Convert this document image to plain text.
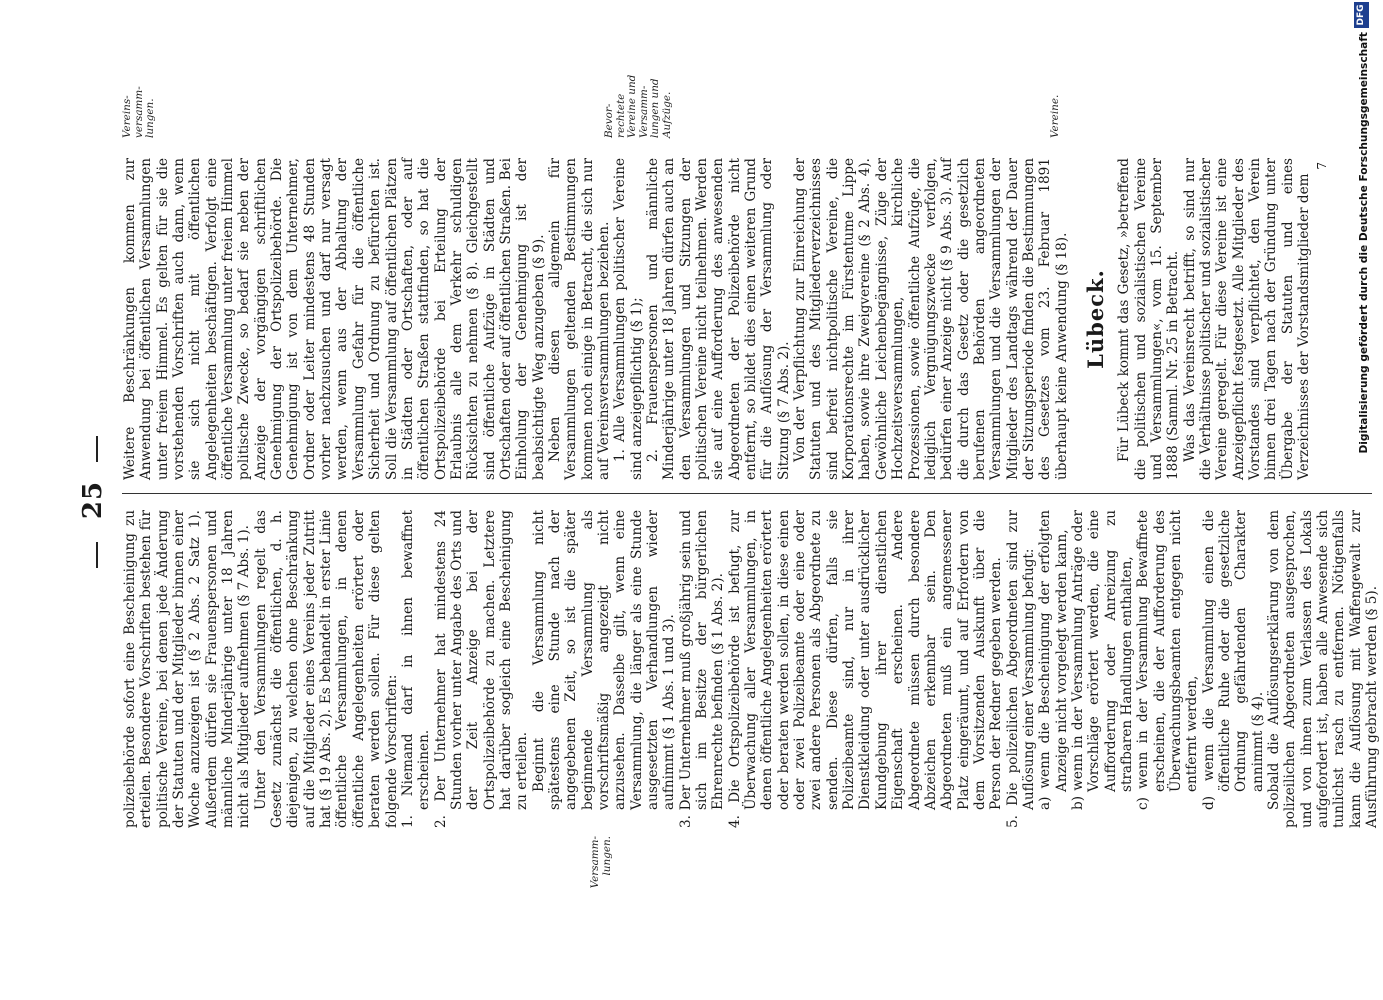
25
Versamm-lungen.

polizeibehörde sofort eine Bescheinigung zu erteilen. Besondere Vorschriften bestehen für politische Vereine, bei denen jede Änderung der Statuten und der Mitglieder binnen einer Woche anzuzeigen ist (§ 2 Abs. 2 Satz 1). Außerdem dürfen sie Frauenspersonen und männliche Minderjährige unter 18 Jahren nicht als Mitglieder aufnehmen (§ 7 Abs. 1). Unter den Versammlungen regelt das Gesetz zunächst die öffentlichen, d. h. diejenigen, zu welchen ohne Beschränkung auf die Mitglieder eines Vereins jeder Zutritt hat (§ 19 Abs. 2). Es behandelt in erster Linie öffentliche Versammlungen, in denen öffentliche Angelegenheiten erörtert oder beraten werden sollen. Für diese gelten folgende Vorschriften: 1. Niemand darf in ihnen bewaffnet erscheinen. 2. Der Unternehmer hat mindestens 24 Stunden vorher unter Angabe des Orts und der Zeit Anzeige bei der Ortspolizeibehörde zu machen. Letztere hat darüber sogleich eine Bescheinigung zu erteilen. Beginnt die Versammlung nicht spätestens eine Stunde nach der angegebenen Zeit, so ist die später beginnende Versammlung als vorschriftsmäßig angezeigt nicht anzusehen. Dasselbe gilt, wenn eine Versammlung, die länger als eine Stunde ausgesetzten Verhandlungen wieder aufnimmt (§ 1 Abs. 1 und 3). 3. Der Unternehmer muß großjährig sein und sich im Besitze der bürgerlichen Ehrenrechte befinden (§ 1 Abs. 2). 4. Die Ortspolizeibehörde ist befugt, zur Überwachung aller Versammlungen, in denen öffentliche Angelegenheiten erörtert oder beraten werden sollen, in diese einen oder zwei Polizeibeamte oder eine oder zwei andere Personen als Abgeordnete zu senden. Diese dürfen, falls sie Polizeibeamte sind, nur in ihrer Dienstkleidung oder unter ausdrücklicher Kundgebung ihrer dienstlichen Eigenschaft erscheinen. Andere Abgeordnete müssen durch besondere Abzeichen erkennbar sein. Den Abgeordneten muß ein angemessener Platz eingeräumt, und auf Erfordern von dem Vorsitzenden Auskunft über die Person der Redner gegeben werden. 5. Die polizeilichen Abgeordneten sind zur Auflösung einer Versammlung befugt: a) wenn die Bescheinigung der erfolgten Anzeige nicht vorgelegt werden kann, b) wenn in der Versammlung Anträge oder Vorschläge erörtert werden, die eine Aufforderung oder Anreizung zu strafbaren Handlungen enthalten, c) wenn in der Versammlung Bewaffnete erscheinen, die der Aufforderung des Überwachungsbeamten entgegen nicht entfernt werden, d) wenn die Versammlung einen die öffentliche Ruhe oder die gesetzliche Ordnung gefährdenden Charakter annimmt (§ 4). Sobald die Auflösungserklärung von dem polizeilichen Abgeordneten ausgesprochen, und von ihnen zum Verlassen des Lokals aufgefordert ist, haben alle Anwesende sich tunlichst rasch zu entfernen. Nötigenfalls kann die Auflösung mit Waffengewalt zur Ausführung gebracht werden (§ 5).

Weitere Beschränkungen kommen zur Anwendung bei öffentlichen Versammlungen unter freiem Himmel. Es gelten für sie die vorstehenden Vorschriften auch dann, wenn sie sich nicht mit öffentlichen Angelegenheiten beschäftigen. Verfolgt eine öffentliche Versammlung unter freiem Himmel politische Zwecke, so bedarf sie neben der Anzeige der vorgängigen schriftlichen Genehmigung der Ortspolizeibehörde. Die Genehmigung ist von dem Unternehmer, Ordner oder Leiter mindestens 48 Stunden vorher nachzusuchen und darf nur versagt werden, wenn aus der Abhaltung der Versammlung Gefahr für die öffentliche Sicherheit und Ordnung zu befürchten ist. Soll die Versammlung auf öffentlichen Plätzen in Städten oder Ortschaften, oder auf öffentlichen Straßen stattfinden, so hat die Ortspolizeibehörde bei Erteilung der Erlaubnis alle dem Verkehr schuldigen Rücksichten zu nehmen (§ 8). Gleichgestellt sind öffentliche Aufzüge in Städten und Ortschaften oder auf öffentlichen Straßen. Bei Einholung der Genehmigung ist der beabsichtigte Weg anzugeben (§ 9). Neben diesen allgemein für Versammlungen geltenden Bestimmungen kommen noch einige in Betracht, die sich nur auf Vereinsversammlungen beziehen. 1. Alle Versammlungen politischer Vereine sind anzeigepflichtig (§ 1); 2. Frauenspersonen und männliche Minderjährige unter 18 Jahren dürfen auch an den Versammlungen und Sitzungen der politischen Vereine nicht teilnehmen. Werden sie auf eine Aufforderung des anwesenden Abgeordneten der Polizeibehörde nicht entfernt, so bildet dies einen weiteren Grund für die Auflösung der Versammlung oder Sitzung (§ 7 Abs. 2). Von der Verpflichtung zur Einreichung der Statuten und des Mitgliederverzeichnisses sind befreit nichtpolitische Vereine, die Korporationsrechte im Fürstentume Lippe haben, sowie ihre Zweigvereine (§ 2 Abs. 4). Gewöhnliche Leichenbegängnisse, Züge der Hochzeitsversammlungen, kirchliche Prozessionen, sowie öffentliche Aufzüge, die lediglich Vergnügungszwecke verfolgen, bedürfen einer Anzeige nicht (§ 9 Abs. 3). Auf die durch das Gesetz oder die gesetzlich berufenen Behörden angeordneten Versammlungen und die Versammlungen der Mitglieder des Landtags während der Dauer der Sitzungsperiode finden die Bestimmungen des Gesetzes vom 23. Februar 1891 überhaupt keine Anwendung (§ 18). Lübeck. Für Lübeck kommt das Gesetz, »betreffend die politischen und sozialistischen Vereine und Versammlungen«, vom 15. September 1888 (Samml. Nr. 25 in Betracht. Was das Vereinsrecht betrifft, so sind nur die Verhältnisse politischer und sozialistischer Vereine geregelt. Für diese Vereine ist eine Anzeigepflicht festgesetzt. Alle Mitglieder des Vorstandes sind verpflichtet, den Verein binnen drei Tagen nach der Gründung unter Übergabe der Statuten und eines Verzeichnisses der Vorstandsmitglieder dem

7
Vereins-versamm-lungen.	Bevor-rechtete Vereine und Versamm-lungen und Aufzüge.	Vereine.	Digitalisierung gefördert durch die Deutsche Forschungsgemeinschaft
DFG
